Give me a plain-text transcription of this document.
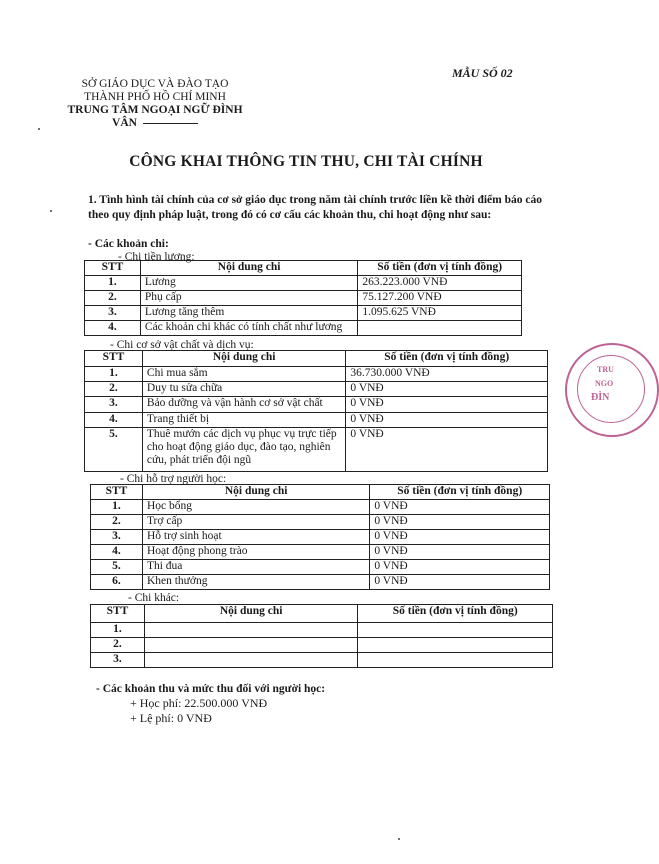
SỞ GIÁO DỤC VÀ ĐÀO TẠO
THÀNH PHỐ HỒ CHÍ MINH
TRUNG TÂM NGOẠI NGỮ ĐÌNH
VÂN
MẪU SỐ 02
CÔNG KHAI THÔNG TIN THU, CHI TÀI CHÍNH
1. Tình hình tài chính của cơ sở giáo dục trong năm tài chính trước liền kề thời điểm báo cáo theo quy định pháp luật, trong đó có cơ cấu các khoản thu, chi hoạt động như sau:
- Các khoản chi:
- Chi tiền lương:
STT	Nội dung chi	Số tiền (đơn vị tính đồng)
1.	Lương	263.223.000 VNĐ
2.	Phụ cấp	75.127.200 VNĐ
3.	Lương tăng thêm	1.095.625 VNĐ
4.	Các khoản chi khác có tính chất như lương	
- Chi cơ sở vật chất và dịch vụ:
STT	Nội dung chi	Số tiền (đơn vị tính đồng)
1.	Chi mua sắm	36.730.000 VNĐ
2.	Duy tu sửa chữa	0 VNĐ
3.	Bảo dưỡng và vận hành cơ sở vật chất	0 VNĐ
4.	Trang thiết bị	0 VNĐ
5.	Thuê mướn các dịch vụ phục vụ trực tiếp cho hoạt động giáo dục, đào tạo, nghiên cứu, phát triển đội ngũ	0 VNĐ
- Chi hỗ trợ người học:
STT	Nội dung chi	Số tiền (đơn vị tính đồng)
1.	Học bổng	0 VNĐ
2.	Trợ cấp	0 VNĐ
3.	Hỗ trợ sinh hoạt	0 VNĐ
4.	Hoạt động phong trào	0 VNĐ
5.	Thi đua	0 VNĐ
6.	Khen thưởng	0 VNĐ
- Chi khác:
STT	Nội dung chi	Số tiền (đơn vị tính đồng)
1.		
2.		
3.		
- Các khoản thu và mức thu đối với người học:
+ Học phí: 22.500.000 VNĐ
+ Lệ phí: 0 VNĐ
TRU
NGO
ĐÌN
